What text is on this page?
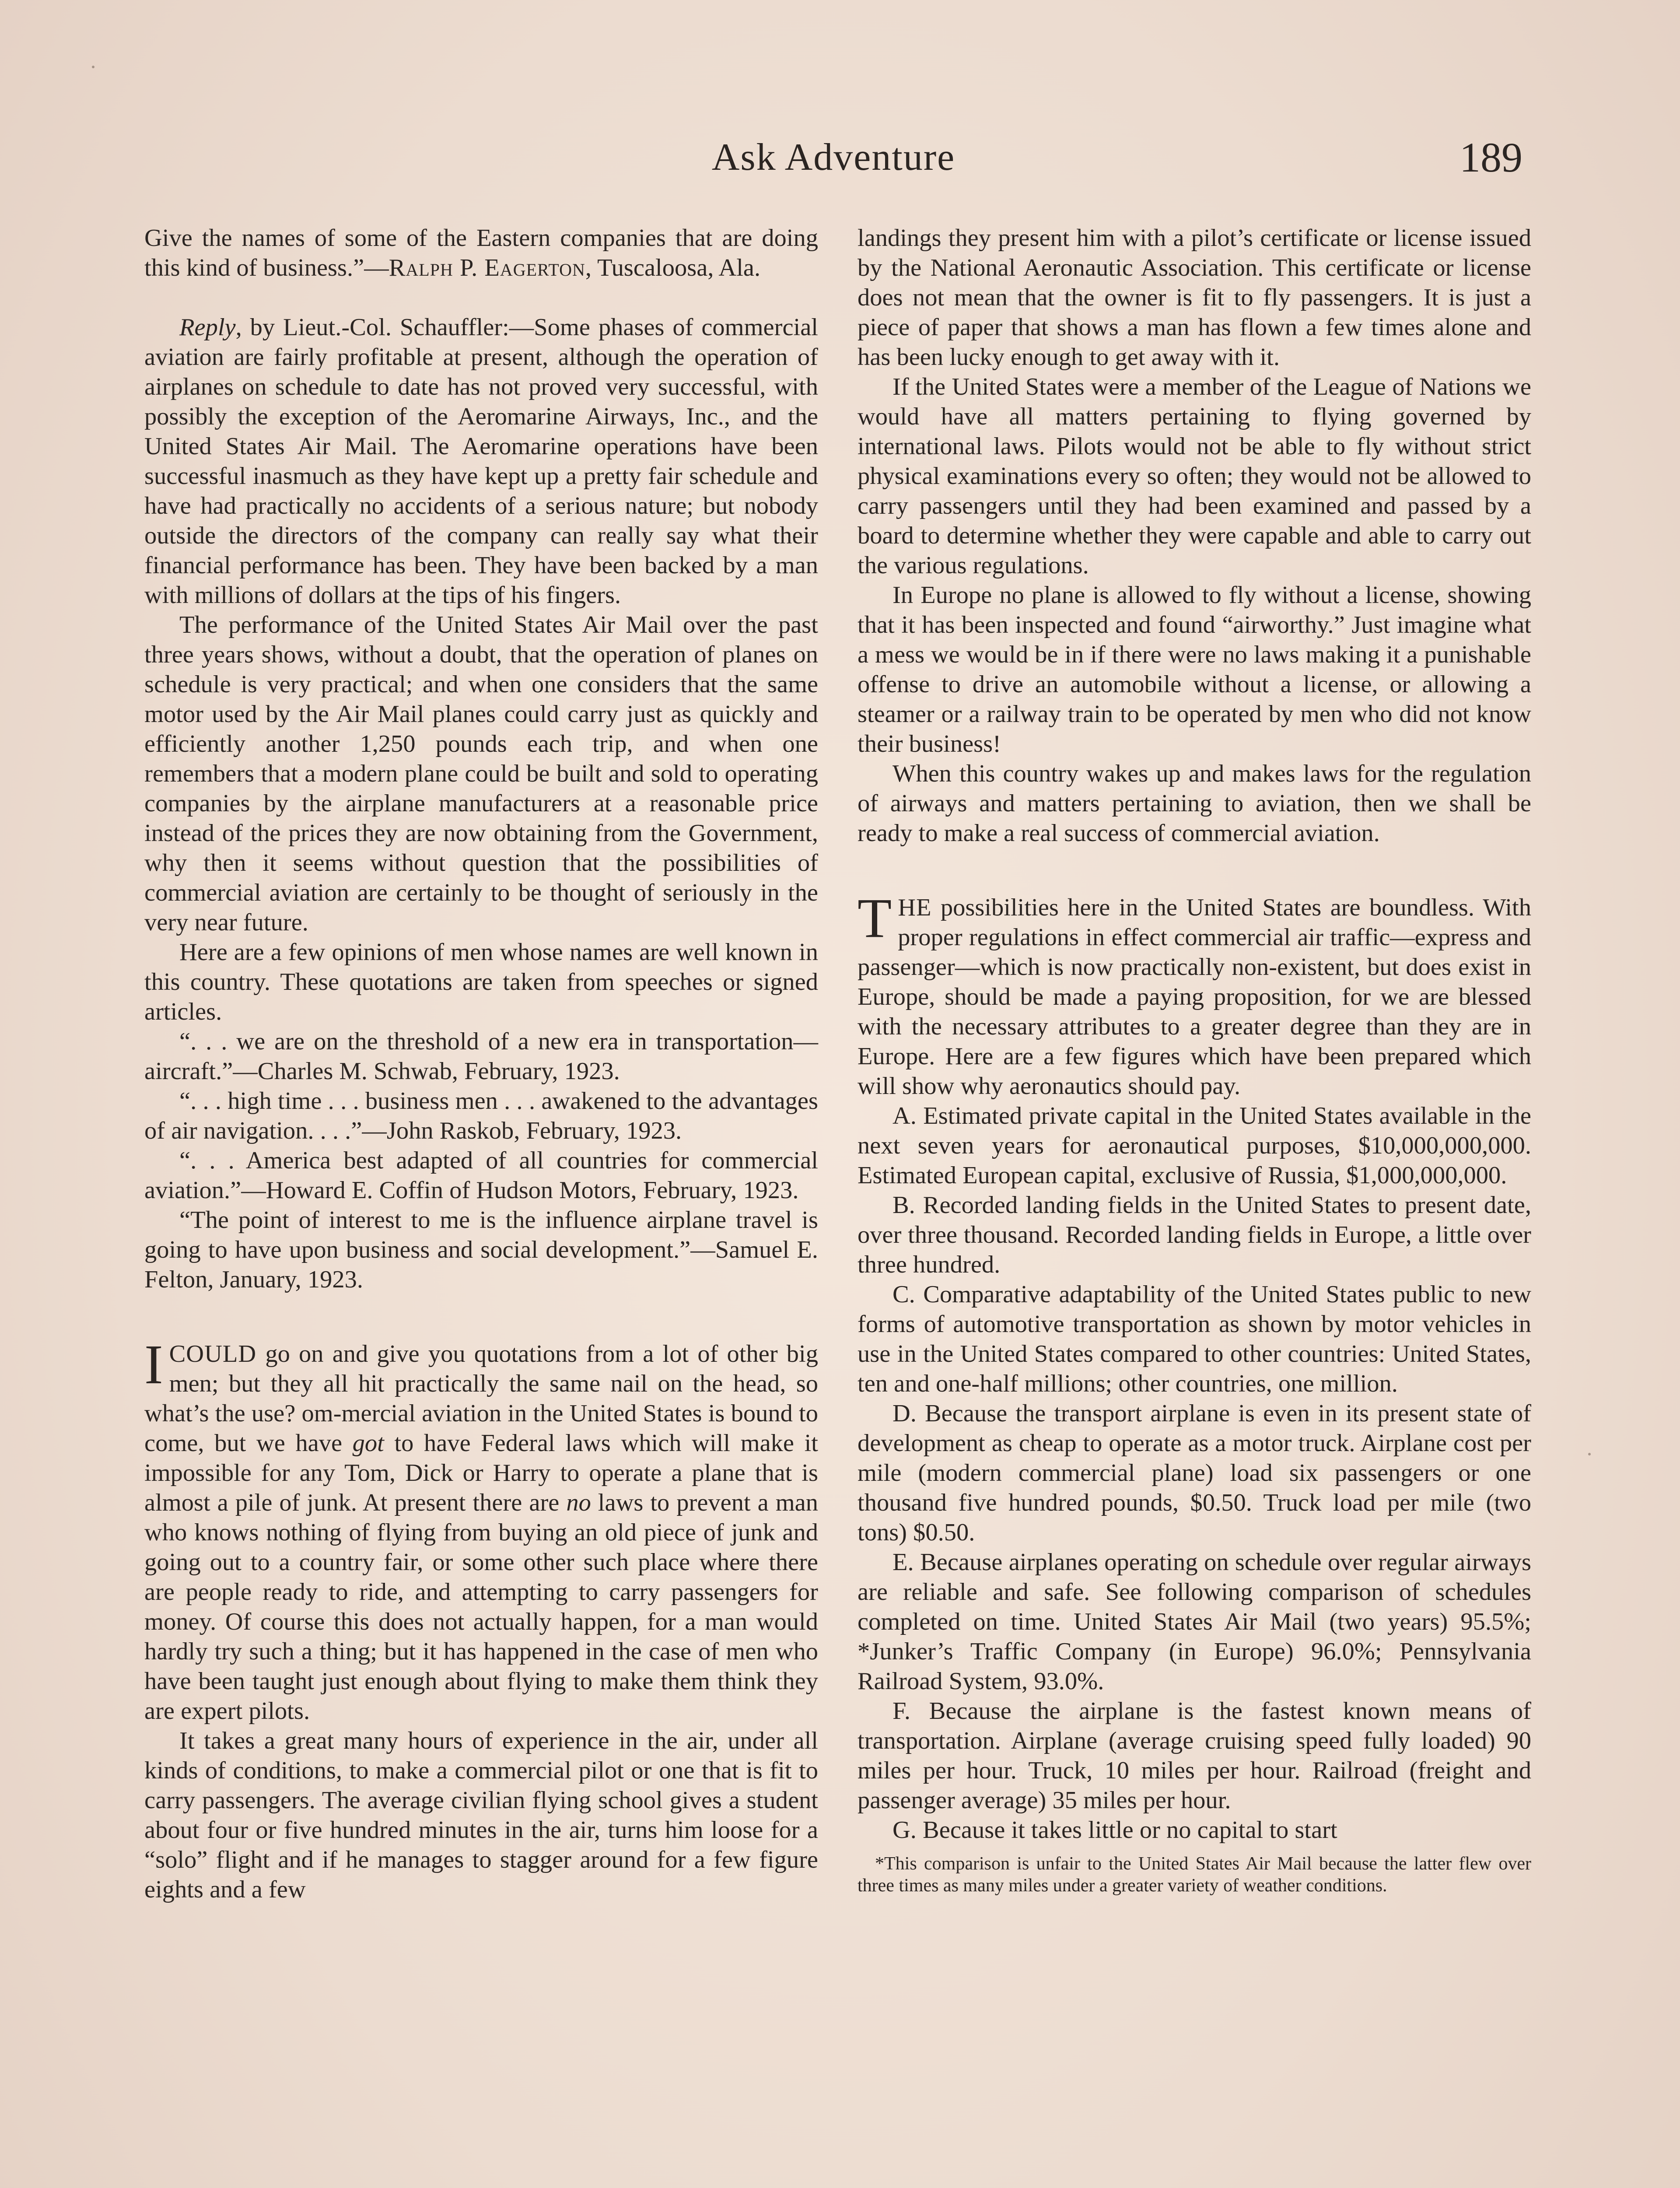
Ask Adventure	189

Give the names of some of the Eastern companies that are doing this kind of business.”—Ralph P. Eagerton, Tuscaloosa, Ala.

Reply, by Lieut.-Col. Schauffler:—Some phases of commercial aviation are fairly profitable at present, although the operation of airplanes on schedule to date has not proved very successful, with possibly the exception of the Aeromarine Airways, Inc., and the United States Air Mail. The Aeromarine operations have been successful inasmuch as they have kept up a pretty fair schedule and have had practically no accidents of a serious nature; but nobody outside the directors of the company can really say what their financial performance has been. They have been backed by a man with millions of dollars at the tips of his fingers.

The performance of the United States Air Mail over the past three years shows, without a doubt, that the operation of planes on schedule is very practical; and when one considers that the same motor used by the Air Mail planes could carry just as quickly and efficiently another 1,250 pounds each trip, and when one remembers that a modern plane could be built and sold to operating companies by the airplane manufacturers at a reasonable price instead of the prices they are now obtaining from the Government, why then it seems without question that the possibilities of commercial aviation are certainly to be thought of seriously in the very near future.

Here are a few opinions of men whose names are well known in this country. These quotations are taken from speeches or signed articles.

“. . . we are on the threshold of a new era in transportation—aircraft.”—Charles M. Schwab, February, 1923.

“. . . high time . . . business men . . . awakened to the advantages of air navigation. . . .”—John Raskob, February, 1923.

“. . . America best adapted of all countries for commercial aviation.”—Howard E. Coffin of Hudson Motors, February, 1923.

“The point of interest to me is the influence airplane travel is going to have upon business and social development.”—Samuel E. Felton, January, 1923.

ICOULD go on and give you quotations from a lot of other big men; but they all hit practically the same nail on the head, so what’s the use? om-mercial aviation in the United States is bound to come, but we have got to have Federal laws which will make it impossible for any Tom, Dick or Harry to operate a plane that is almost a pile of junk. At present there are no laws to prevent a man who knows nothing of flying from buying an old piece of junk and going out to a country fair, or some other such place where there are people ready to ride, and attempting to carry passengers for money. Of course this does not actually happen, for a man would hardly try such a thing; but it has happened in the case of men who have been taught just enough about flying to make them think they are expert pilots.

It takes a great many hours of experience in the air, under all kinds of conditions, to make a commercial pilot or one that is fit to carry passengers. The average civilian flying school gives a student about four or five hundred minutes in the air, turns him loose for a “solo” flight and if he manages to stagger around for a few figure eights and a few

landings they present him with a pilot’s certificate or license issued by the National Aeronautic Association. This certificate or license does not mean that the owner is fit to fly passengers. It is just a piece of paper that shows a man has flown a few times alone and has been lucky enough to get away with it.

If the United States were a member of the League of Nations we would have all matters pertaining to flying governed by international laws. Pilots would not be able to fly without strict physical examinations every so often; they would not be allowed to carry passengers until they had been examined and passed by a board to determine whether they were capable and able to carry out the various regulations.

In Europe no plane is allowed to fly without a license, showing that it has been inspected and found “airworthy.” Just imagine what a mess we would be in if there were no laws making it a punishable offense to drive an automobile without a license, or allowing a steamer or a railway train to be operated by men who did not know their business!

When this country wakes up and makes laws for the regulation of airways and matters pertaining to aviation, then we shall be ready to make a real success of commercial aviation.

THE possibilities here in the United States are boundless. With proper regulations in effect commercial air traffic—express and passenger—which is now practically non-existent, but does exist in Europe, should be made a paying proposition, for we are blessed with the necessary attributes to a greater degree than they are in Europe. Here are a few figures which have been prepared which will show why aeronautics should pay.

A. Estimated private capital in the United States available in the next seven years for aeronautical purposes, $10,000,000,000. Estimated European capital, exclusive of Russia, $1,000,000,000.

B. Recorded landing fields in the United States to present date, over three thousand. Recorded landing fields in Europe, a little over three hundred.

C. Comparative adaptability of the United States public to new forms of automotive transportation as shown by motor vehicles in use in the United States compared to other countries: United States, ten and one-half millions; other countries, one million.

D. Because the transport airplane is even in its present state of development as cheap to operate as a motor truck. Airplane cost per mile (modern commercial plane) load six passengers or one thousand five hundred pounds, $0.50. Truck load per mile (two tons) $0.50.

E. Because airplanes operating on schedule over regular airways are reliable and safe. See following comparison of schedules completed on time. United States Air Mail (two years) 95.5%; *Junker’s Traffic Company (in Europe) 96.0%; Pennsylvania Railroad System, 93.0%.

F. Because the airplane is the fastest known means of transportation. Airplane (average cruising speed fully loaded) 90 miles per hour. Truck, 10 miles per hour. Railroad (freight and passenger average) 35 miles per hour.

G. Because it takes little or no capital to start

*This comparison is unfair to the United States Air Mail because the latter flew over three times as many miles under a greater variety of weather conditions.
